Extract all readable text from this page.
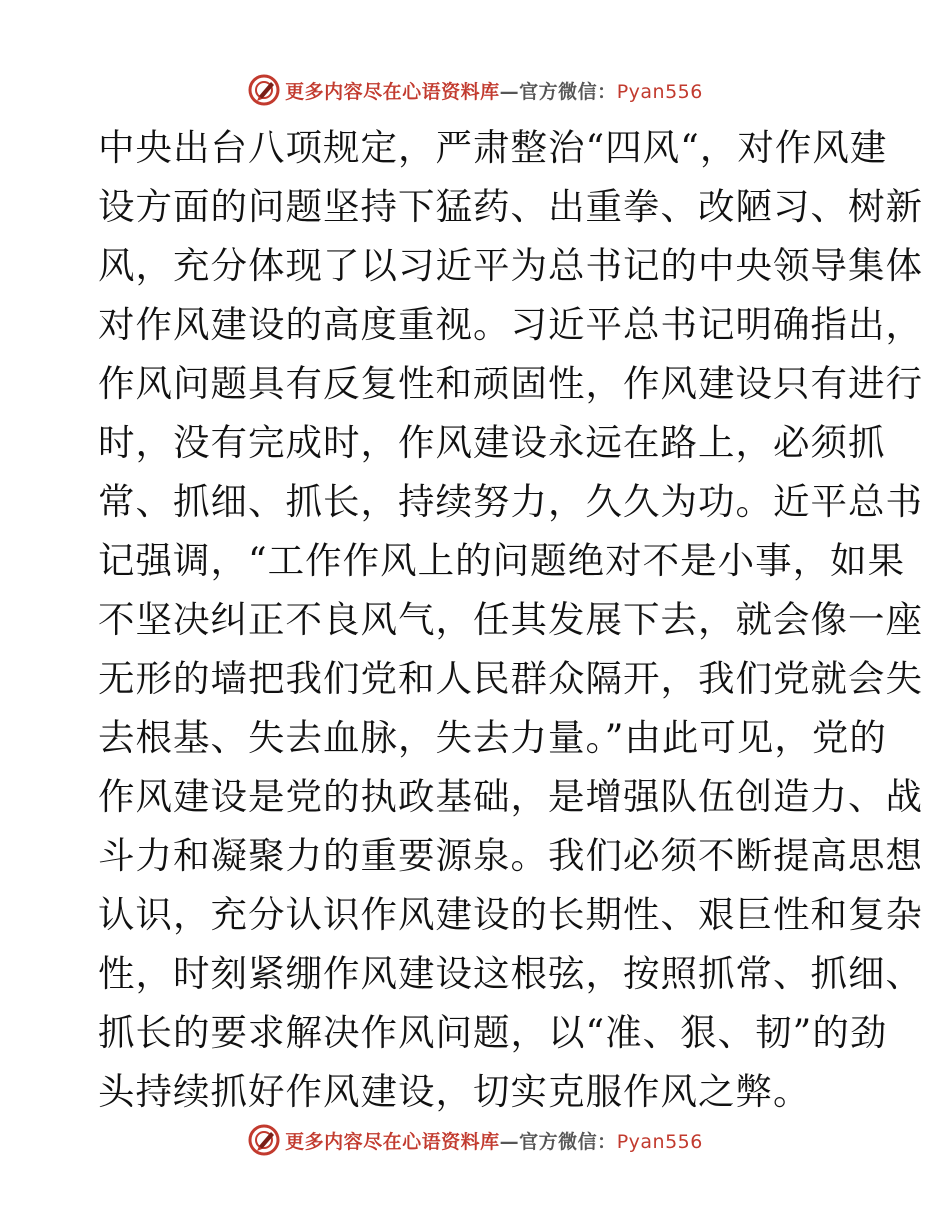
更多内容尽在心语资料库—官方微信：Pyan556
中央出台八项规定，严肃整治“四风“，对作风建
设方面的问题坚持下猛药、出重拳、改陋习、树新
风，充分体现了以习近平为总书记的中央领导集体
对作风建设的高度重视。习近平总书记明确指出，
作风问题具有反复性和顽固性，作风建设只有进行
时，没有完成时，作风建设永远在路上，必须抓
常、抓细、抓长，持续努力，久久为功。近平总书
记强调，“工作作风上的问题绝对不是小事，如果
不坚决纠正不良风气，任其发展下去，就会像一座
无形的墙把我们党和人民群众隔开，我们党就会失
去根基、失去血脉，失去力量。”由此可见，党的
作风建设是党的执政基础，是增强队伍创造力、战
斗力和凝聚力的重要源泉。我们必须不断提高思想
认识，充分认识作风建设的长期性、艰巨性和复杂
性，时刻紧绷作风建设这根弦，按照抓常、抓细、
抓长的要求解决作风问题，以“准、狠、韧”的劲
头持续抓好作风建设，切实克服作风之弊。
更多内容尽在心语资料库—官方微信：Pyan556
